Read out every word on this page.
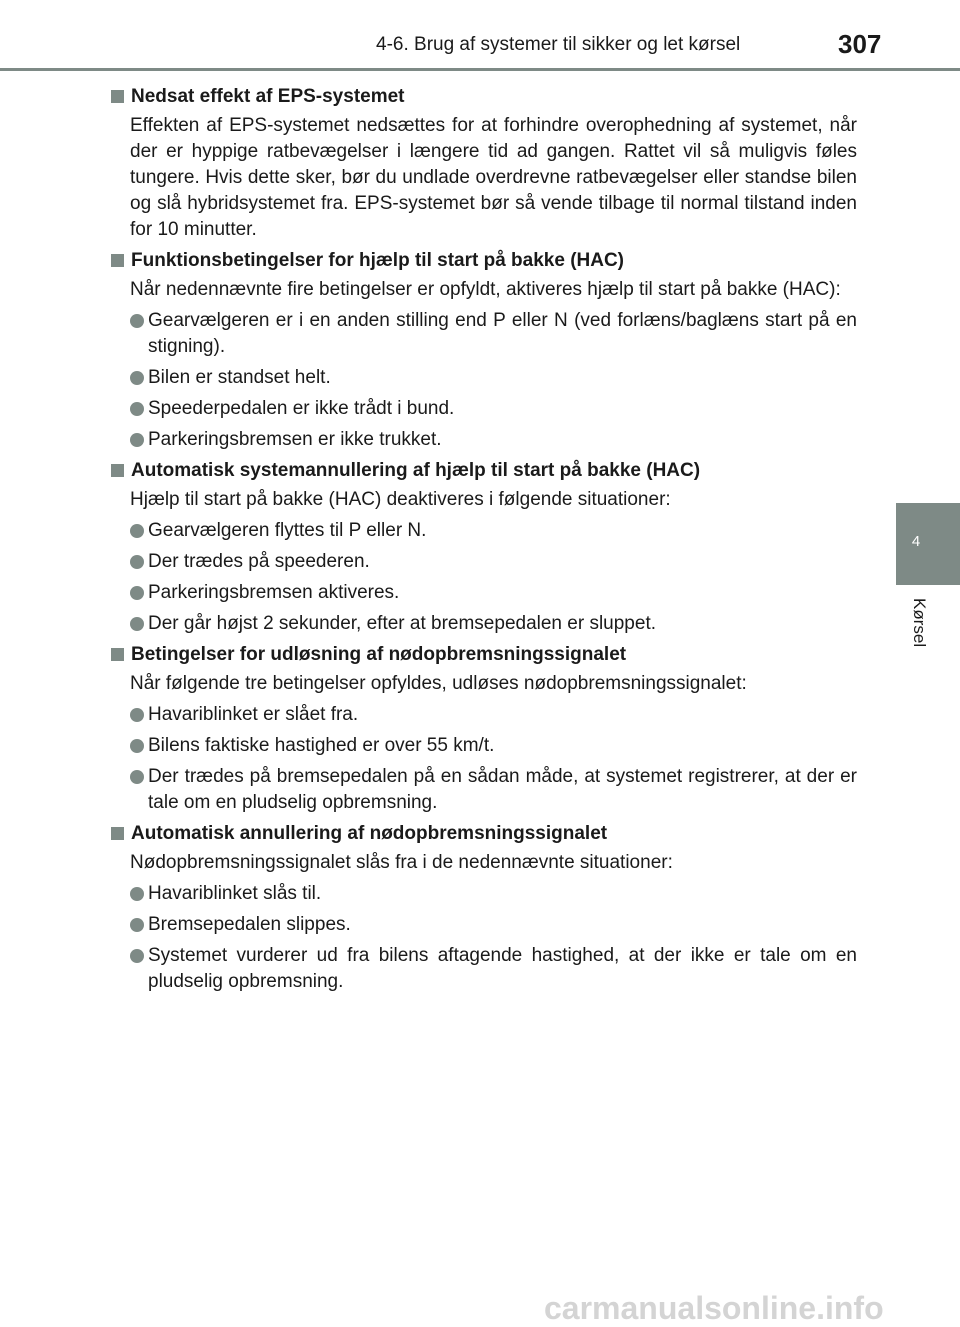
4-6. Brug af systemer til sikker og let kørsel	307
4
Kørsel
Nedsat effekt af EPS-systemet
Effekten af EPS-systemet nedsættes for at forhindre overophedning af systemet, når der er hyppige ratbevægelser i længere tid ad gangen. Rattet vil så muligvis føles tungere. Hvis dette sker, bør du undlade overdrevne ratbevægelser eller standse bilen og slå hybridsystemet fra. EPS-systemet bør så vende tilbage til normal tilstand inden for 10 minutter.
Funktionsbetingelser for hjælp til start på bakke (HAC)
Når nedennævnte fire betingelser er opfyldt, aktiveres hjælp til start på bakke (HAC):
Gearvælgeren er i en anden stilling end P eller N (ved forlæns/baglæns start på en stigning).
Bilen er standset helt.
Speederpedalen er ikke trådt i bund.
Parkeringsbremsen er ikke trukket.
Automatisk systemannullering af hjælp til start på bakke (HAC)
Hjælp til start på bakke (HAC) deaktiveres i følgende situationer:
Gearvælgeren flyttes til P eller N.
Der trædes på speederen.
Parkeringsbremsen aktiveres.
Der går højst 2 sekunder, efter at bremsepedalen er sluppet.
Betingelser for udløsning af nødopbremsningssignalet
Når følgende tre betingelser opfyldes, udløses nødopbremsningssignalet:
Havariblinket er slået fra.
Bilens faktiske hastighed er over 55 km/t.
Der trædes på bremsepedalen på en sådan måde, at systemet registrerer, at der er tale om en pludselig opbremsning.
Automatisk annullering af nødopbremsningssignalet
Nødopbremsningssignalet slås fra i de nedennævnte situationer:
Havariblinket slås til.
Bremsepedalen slippes.
Systemet vurderer ud fra bilens aftagende hastighed, at der ikke er tale om en pludselig opbremsning.
carmanualsonline.info
